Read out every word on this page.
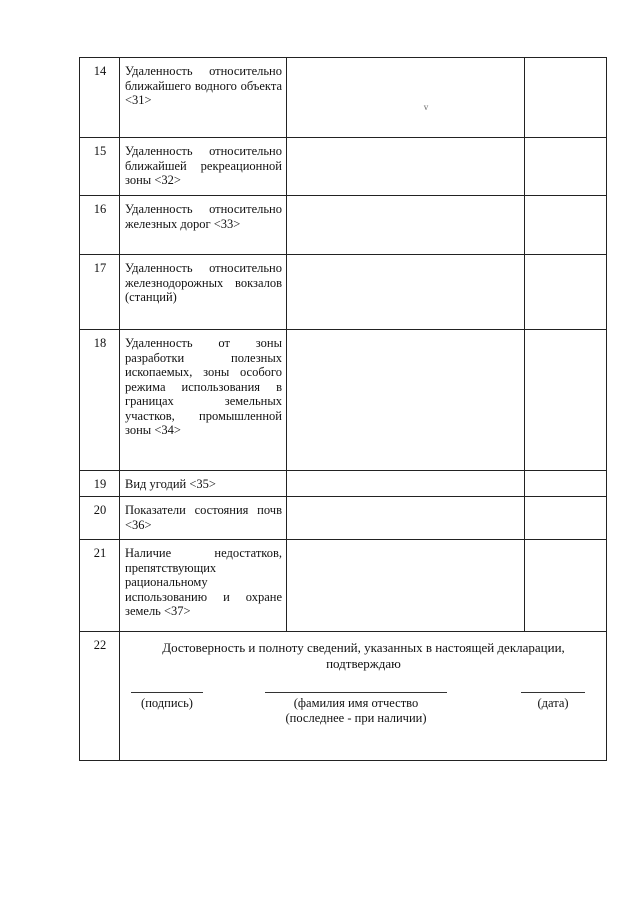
14	Удаленность относительно ближайшего водного объекта <31>	v	

15	Удаленность относительно ближайшей рекреационной зоны <32>		
16	Удаленность относительно железных дорог <33>		
17	Удаленность относительно железнодорожных вокзалов (станций)		
18	Удаленность от зоны разработки полезных ископаемых, зоны особого режима использования в границах земельных участков, промышленной зоны <34>		
19	Вид угодий <35>		
20	Показатели состояния почв <36>		
21	Наличие недостатков, препятствующих рациональному использованию и охране земель <37>		
22	Достоверность и полноту сведений, указанных в настоящей декларации, подтверждаю
(подпись) (фамилия имя отчество
(последнее - при наличии)
(дата)		
